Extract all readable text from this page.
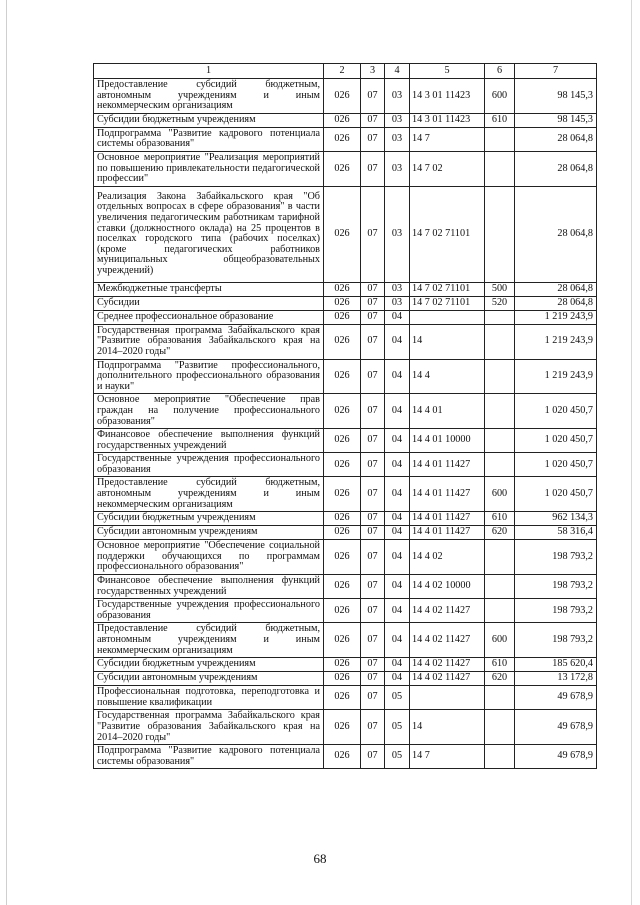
1	2	3	4	5	6	7
Предоставление субсидий бюджетным, автономным учреждениям и иным некоммерческим организациям	026	07	03	14 3 01 11423	600	98 145,3
Субсидии бюджетным учреждениям	026	07	03	14 3 01 11423	610	98 145,3
Подпрограмма "Развитие кадрового потенциала системы образования"	026	07	03	14 7		28 064,8
Основное мероприятие "Реализация мероприятий по повышению привлекательности педагогической профессии"	026	07	03	14 7 02		28 064,8
Реализация Закона Забайкальского края "Об отдельных вопросах в сфере образования" в части увеличения педагогическим работникам тарифной ставки (должностного оклада) на 25 процентов в поселках городского типа (рабочих поселках) (кроме педагогических работников муниципальных общеобразовательных учреждений)	026	07	03	14 7 02 71101		28 064,8
Межбюджетные трансферты	026	07	03	14 7 02 71101	500	28 064,8
Субсидии	026	07	03	14 7 02 71101	520	28 064,8
Среднее профессиональное образование	026	07	04			1 219 243,9
Государственная программа Забайкальского края "Развитие образования Забайкальского края на 2014–2020 годы"	026	07	04	14		1 219 243,9
Подпрограмма "Развитие профессионального, дополнительного профессионального образования и науки"	026	07	04	14 4		1 219 243,9
Основное мероприятие "Обеспечение прав граждан на получение профессионального образования"	026	07	04	14 4 01		1 020 450,7
Финансовое обеспечение выполнения функций государственных учреждений	026	07	04	14 4 01 10000		1 020 450,7
Государственные учреждения профессионального образования	026	07	04	14 4 01 11427		1 020 450,7
Предоставление субсидий бюджетным, автономным учреждениям и иным некоммерческим организациям	026	07	04	14 4 01 11427	600	1 020 450,7
Субсидии бюджетным учреждениям	026	07	04	14 4 01 11427	610	962 134,3
Субсидии автономным учреждениям	026	07	04	14 4 01 11427	620	58 316,4
Основное мероприятие "Обеспечение социальной поддержки обучающихся по программам профессионального образования"	026	07	04	14 4 02		198 793,2
Финансовое обеспечение выполнения функций государственных учреждений	026	07	04	14 4 02 10000		198 793,2
Государственные учреждения профессионального образования	026	07	04	14 4 02 11427		198 793,2
Предоставление субсидий бюджетным, автономным учреждениям и иным некоммерческим организациям	026	07	04	14 4 02 11427	600	198 793,2
Субсидии бюджетным учреждениям	026	07	04	14 4 02 11427	610	185 620,4
Субсидии автономным учреждениям	026	07	04	14 4 02 11427	620	13 172,8
Профессиональная подготовка, переподготовка и повышение квалификации	026	07	05			49 678,9
Государственная программа Забайкальского края "Развитие образования Забайкальского края на 2014–2020 годы"	026	07	05	14		49 678,9
Подпрограмма "Развитие кадрового потенциала системы образования"	026	07	05	14 7		49 678,9
68
